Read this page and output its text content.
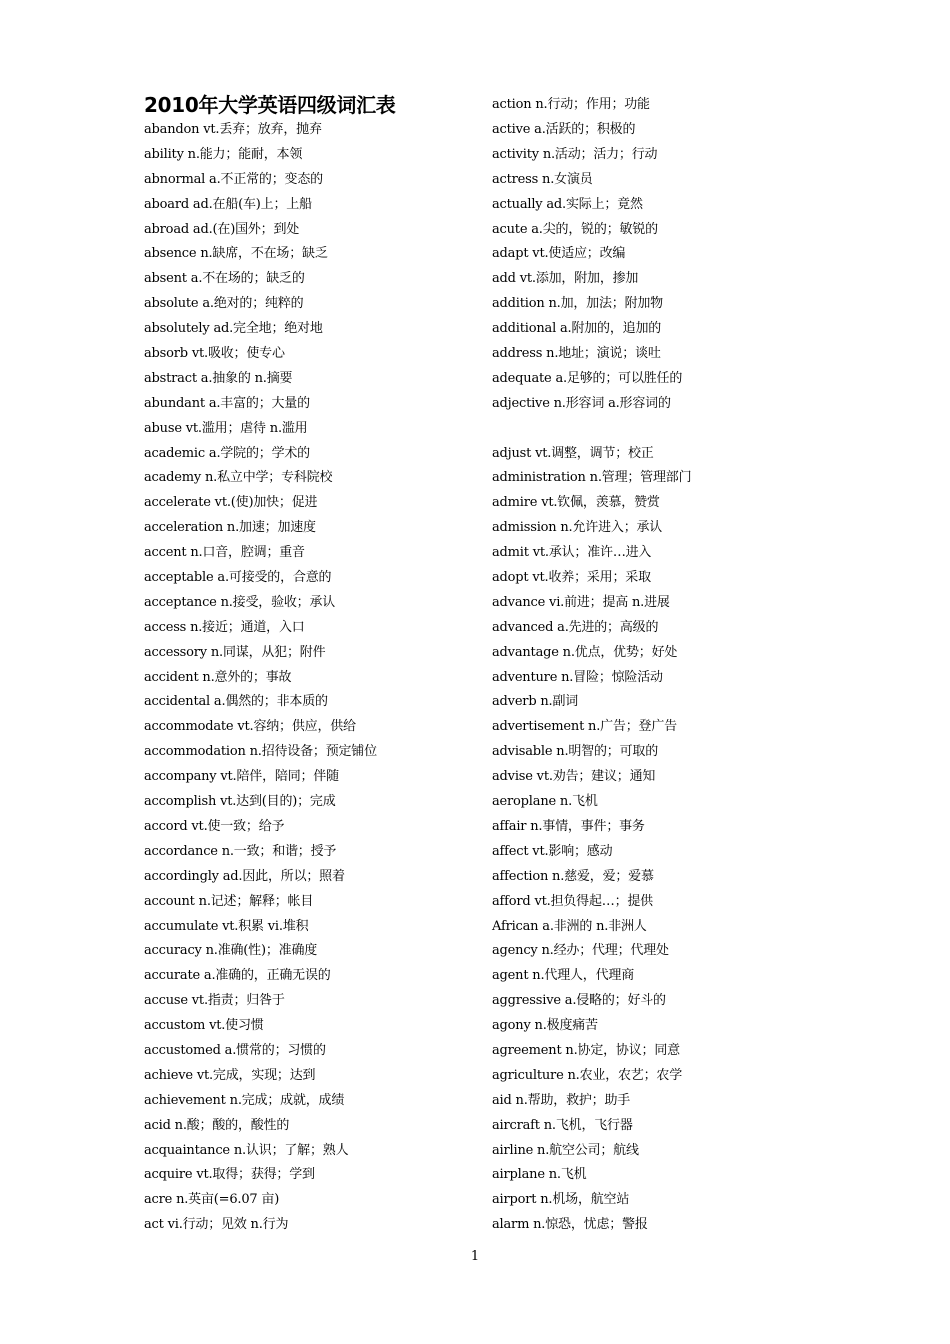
2010年大学英语四级词汇表
abandon vt.丢弃；放弃，抛弃
ability n.能力；能耐，本领
abnormal a.不正常的；变态的
aboard ad.在船(车)上；上船
abroad ad.(在)国外；到处
absence n.缺席，不在场；缺乏
absent a.不在场的；缺乏的
absolute a.绝对的；纯粹的
absolutely ad.完全地；绝对地
absorb vt.吸收；使专心
abstract a.抽象的 n.摘要
abundant a.丰富的；大量的
abuse vt.滥用；虐待 n.滥用
academic a.学院的；学术的
academy n.私立中学；专科院校
accelerate vt.(使)加快；促进
acceleration n.加速；加速度
accent n.口音，腔调；重音
acceptable a.可接受的，合意的
acceptance n.接受，验收；承认
access n.接近；通道，入口
accessory n.同谋，从犯；附件
accident n.意外的；事故
accidental a.偶然的；非本质的
accommodate vt.容纳；供应，供给
accommodation n.招待设备；预定铺位
accompany vt.陪伴，陪同；伴随
accomplish vt.达到(目的)；完成
accord vt.使一致；给予
accordance n.一致；和谐；授予
accordingly ad.因此，所以；照着
account n.记述；解释；帐目
accumulate vt.积累 vi.堆积
accuracy n.准确(性)；准确度
accurate a.准确的，正确无误的
accuse vt.指责；归咎于
accustom vt.使习惯
accustomed a.惯常的；习惯的
achieve vt.完成，实现；达到
achievement n.完成；成就，成绩
acid n.酸；酸的，酸性的
acquaintance n.认识；了解；熟人
acquire vt.取得；获得；学到
acre n.英亩(=6.07 亩)
act vi.行动；见效 n.行为
action n.行动；作用；功能
active a.活跃的；积极的
activity n.活动；活力；行动
actress n.女演员
actually ad.实际上；竟然
acute a.尖的，锐的；敏锐的
adapt vt.使适应；改编
add vt.添加，附加，掺加
addition n.加，加法；附加物
additional a.附加的，追加的
address n.地址；演说；谈吐
adequate a.足够的；可以胜任的
adjective n.形容词 a.形容词的
adjust vt.调整，调节；校正
administration n.管理；管理部门
admire vt.钦佩，羡慕，赞赏
admission n.允许进入；承认
admit vt.承认；准许…进入
adopt vt.收养；采用；采取
advance vi.前进；提高 n.进展
advanced a.先进的；高级的
advantage n.优点，优势；好处
adventure n.冒险；惊险活动
adverb n.副词
advertisement n.广告；登广告
advisable n.明智的；可取的
advise vt.劝告；建议；通知
aeroplane n.飞机
affair n.事情，事件；事务
affect vt.影响；感动
affection n.慈爱，爱；爱慕
afford vt.担负得起…；提供
African a.非洲的 n.非洲人
agency n.经办；代理；代理处
agent n.代理人，代理商
aggressive a.侵略的；好斗的
agony n.极度痛苦
agreement n.协定，协议；同意
agriculture n.农业，农艺；农学
aid n.帮助，救护；助手
aircraft n.飞机，飞行器
airline n.航空公司；航线
airplane n.飞机
airport n.机场，航空站
alarm n.惊恐，忧虑；警报
1
